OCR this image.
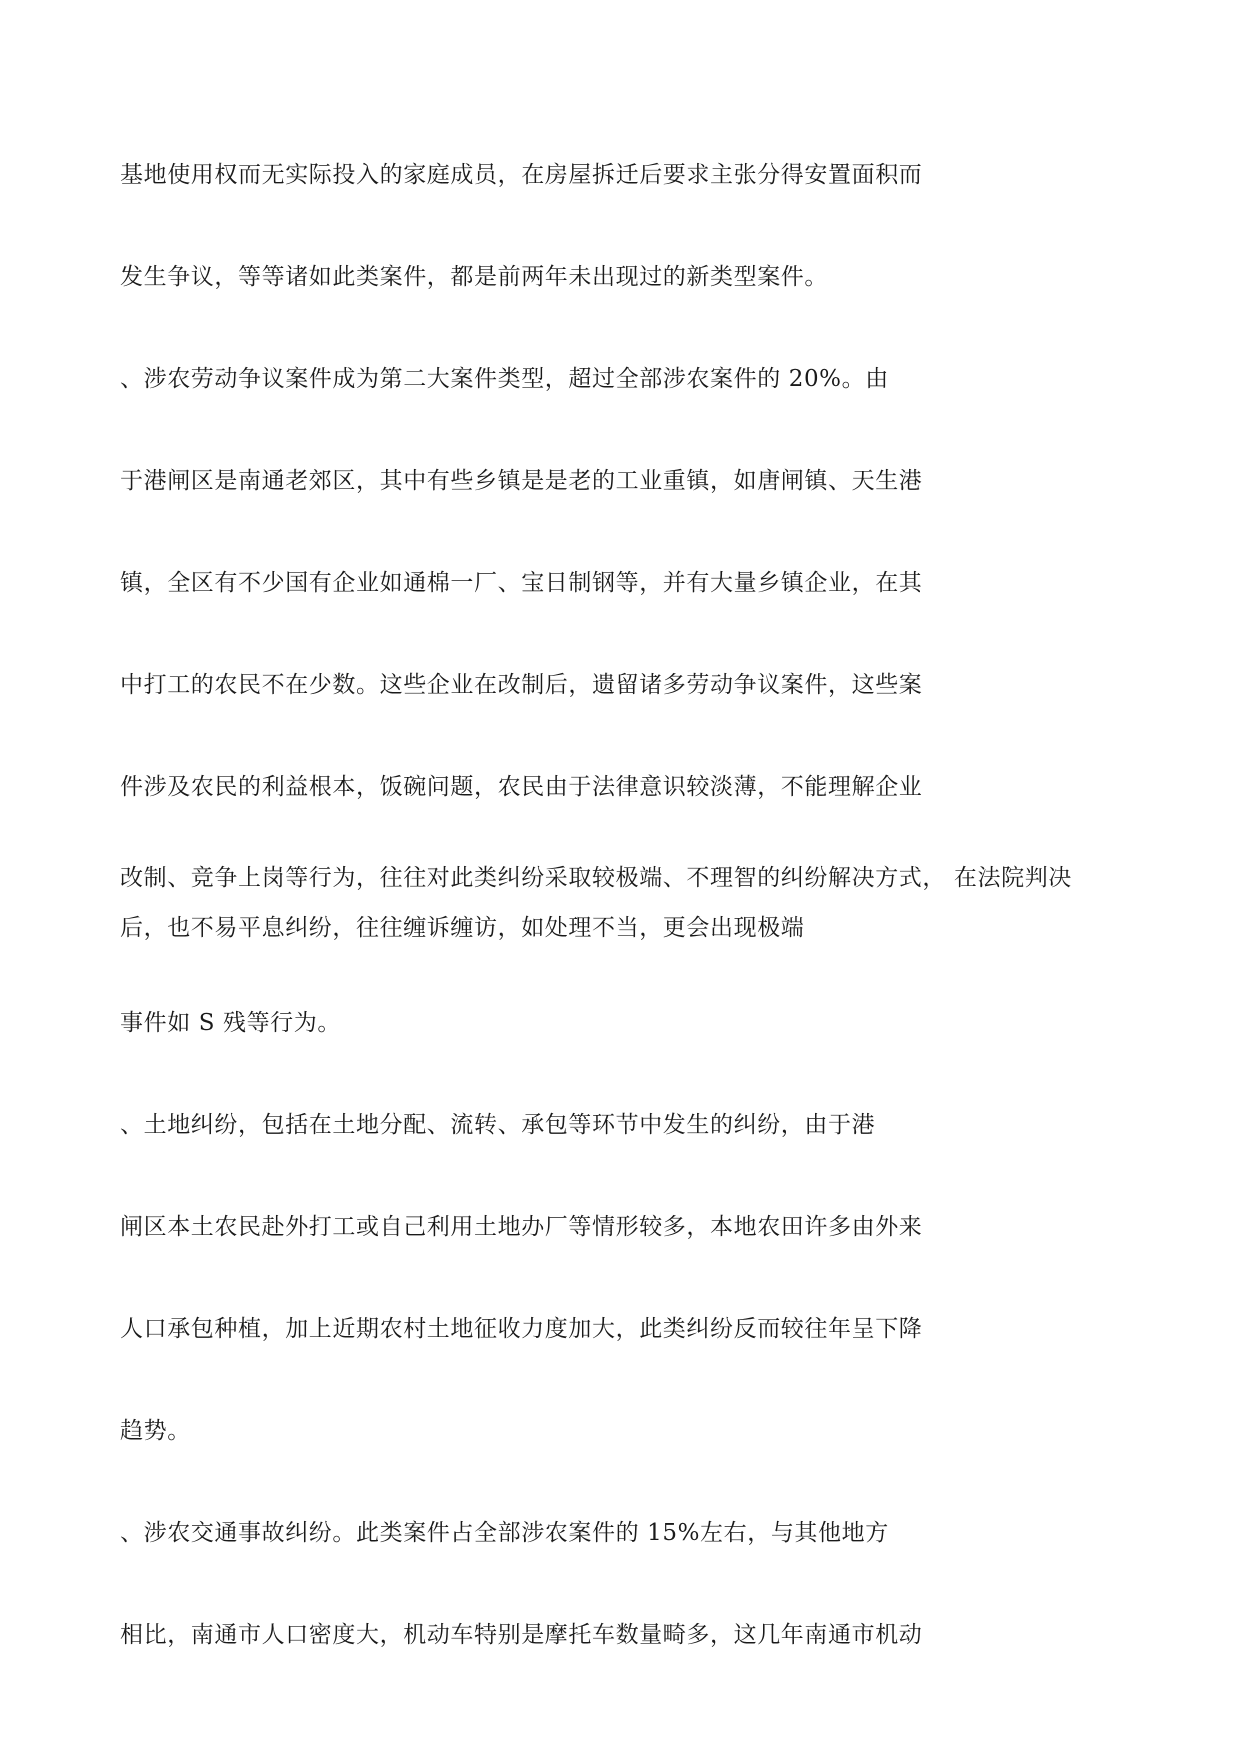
基地使用权而无实际投入的家庭成员，在房屋拆迁后要求主张分得安置面积而

发生争议，等等诸如此类案件，都是前两年未出现过的新类型案件。

、涉农劳动争议案件成为第二大案件类型，超过全部涉农案件的 20%。由

于港闸区是南通老郊区，其中有些乡镇是是老的工业重镇，如唐闸镇、天生港

镇，全区有不少国有企业如通棉一厂、宝日制钢等，并有大量乡镇企业，在其

中打工的农民不在少数。这些企业在改制后，遗留诸多劳动争议案件，这些案

件涉及农民的利益根本，饭碗问题，农民由于法律意识较淡薄，不能理解企业

改制、竞争上岗等行为，往往对此类纠纷采取较极端、不理智的纠纷解决方式， 在法院判决

后，也不易平息纠纷，往往缠诉缠访，如处理不当，更会出现极端

事件如 S 残等行为。

、土地纠纷，包括在土地分配、流转、承包等环节中发生的纠纷，由于港

闸区本土农民赴外打工或自己利用土地办厂等情形较多，本地农田许多由外来

人口承包种植，加上近期农村土地征收力度加大，此类纠纷反而较往年呈下降

趋势。

、涉农交通事故纠纷。此类案件占全部涉农案件的 15%左右，与其他地方

相比，南通市人口密度大，机动车特别是摩托车数量畸多，这几年南通市机动
